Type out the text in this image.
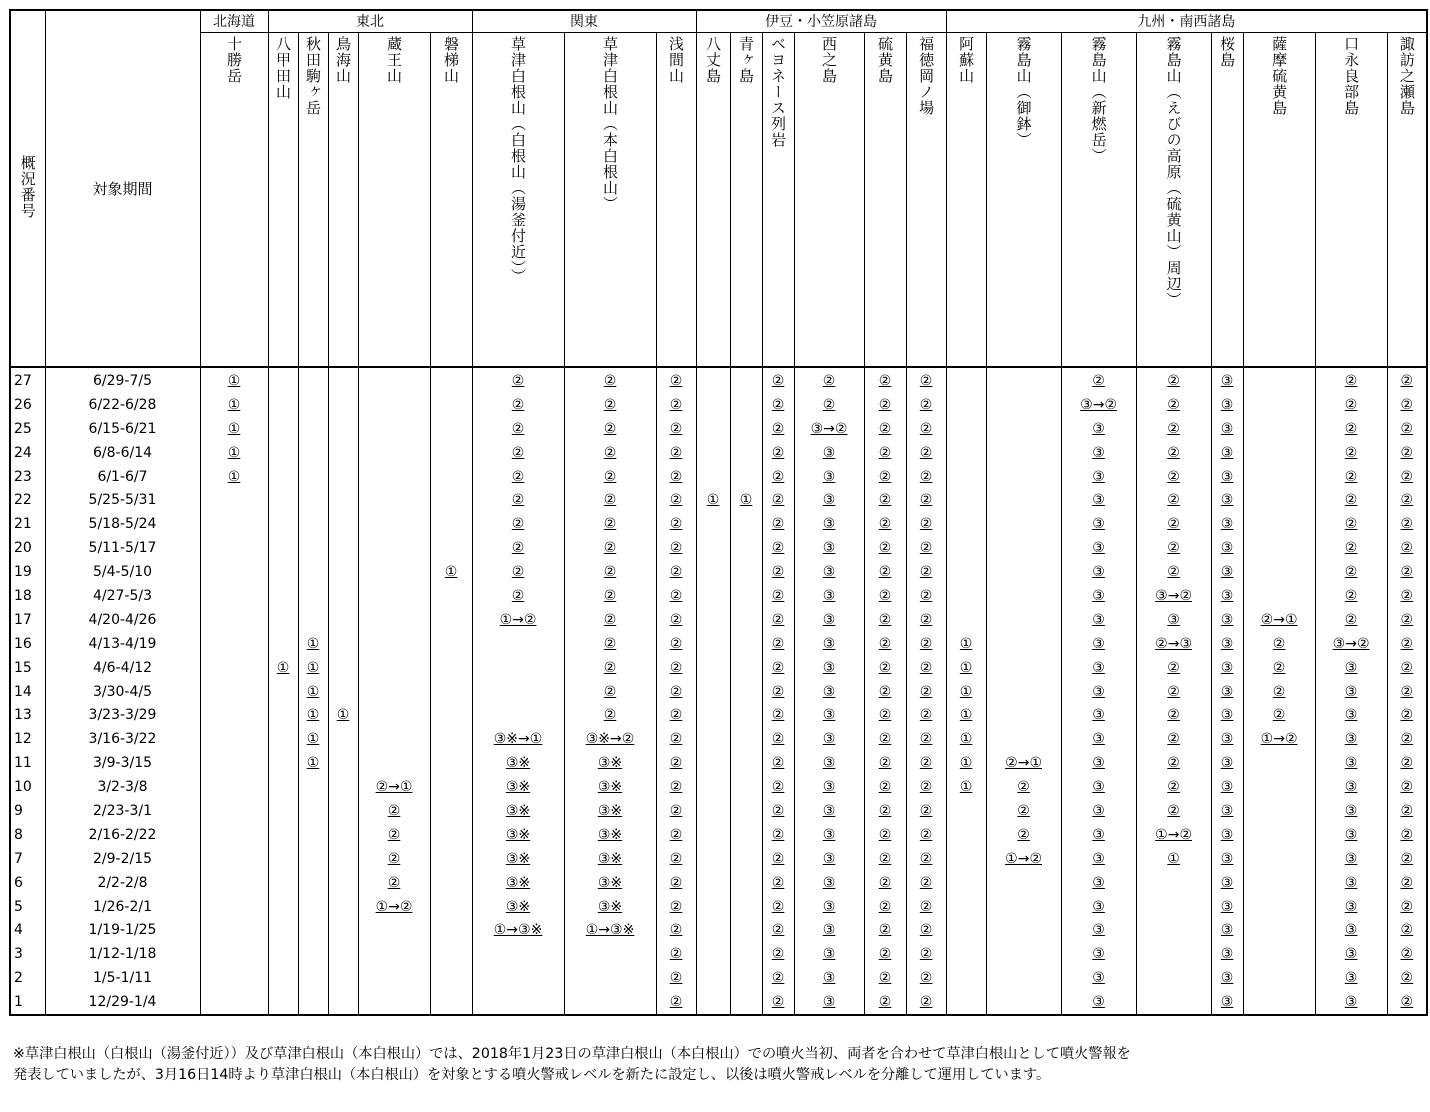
概況番号	対象期間	北海道	東北					関東			伊豆・小笠原諸島						九州・南西諸島							
		十勝岳	八甲田山	秋田駒ヶ岳	鳥海山	蔵王山	磐梯山	草津白根山（白根山（湯釜付近））	草津白根山（本白根山）	浅間山	八丈島	青ヶ島	ベヨネース列岩	西之島	硫黄島	福徳岡ノ場	阿蘇山	霧島山（御鉢）	霧島山（新燃岳）	霧島山（えびの高原（硫黄山）周辺）	桜島	薩摩硫黄島	口永良部島	諏訪之瀬島
27	6/29-7/5	①						②	②	②			②	②	②	②			②	②	③		②	②
26	6/22-6/28	①						②	②	②			②	②	②	②			③→②	②	③		②	②
25	6/15-6/21	①						②	②	②			②	③→②	②	②			③	②	③		②	②
24	6/8-6/14	①						②	②	②			②	③	②	②			③	②	③		②	②
23	6/1-6/7	①						②	②	②			②	③	②	②			③	②	③		②	②
22	5/25-5/31							②	②	②	①	①	②	③	②	②			③	②	③		②	②
21	5/18-5/24							②	②	②			②	③	②	②			③	②	③		②	②
20	5/11-5/17							②	②	②			②	③	②	②			③	②	③		②	②
19	5/4-5/10						①	②	②	②			②	③	②	②			③	②	③		②	②
18	4/27-5/3							②	②	②			②	③	②	②			③	③→②	③		②	②
17	4/20-4/26							①→②	②	②			②	③	②	②			③	③	③	②→①	②	②
16	4/13-4/19			①					②	②			②	③	②	②	①		③	②→③	③	②	③→②	②
15	4/6-4/12		①	①					②	②			②	③	②	②	①		③	②	③	②	③	②
14	3/30-4/5			①					②	②			②	③	②	②	①		③	②	③	②	③	②
13	3/23-3/29			①	①				②	②			②	③	②	②	①		③	②	③	②	③	②
12	3/16-3/22			①				③※→①	③※→②	②			②	③	②	②	①		③	②	③	①→②	③	②
11	3/9-3/15			①				③※	③※	②			②	③	②	②	①	②→①	③	②	③		③	②
10	3/2-3/8					②→①		③※	③※	②			②	③	②	②	①	②	③	②	③		③	②
9	2/23-3/1					②		③※	③※	②			②	③	②	②		②	③	②	③		③	②
8	2/16-2/22					②		③※	③※	②			②	③	②	②		②	③	①→②	③		③	②
7	2/9-2/15					②		③※	③※	②			②	③	②	②		①→②	③	①	③		③	②
6	2/2-2/8					②		③※	③※	②			②	③	②	②			③		③		③	②
5	1/26-2/1					①→②		③※	③※	②			②	③	②	②			③		③		③	②
4	1/19-1/25							①→③※	①→③※	②			②	③	②	②			③		③		③	②
3	1/12-1/18									②			②	③	②	②			③		③		③	②
2	1/5-1/11									②			②	③	②	②			③		③		③	②
1	12/29-1/4									②			②	③	②	②			③		③		③	②
※草津白根山（白根山（湯釜付近））及び草津白根山（本白根山）では、2018年1月23日の草津白根山（本白根山）での噴火当初、両者を合わせて草津白根山として噴火警報を
発表していましたが、3月16日14時より草津白根山（本白根山）を対象とする噴火警戒レベルを新たに設定し、以後は噴火警戒レベルを分離して運用しています。
